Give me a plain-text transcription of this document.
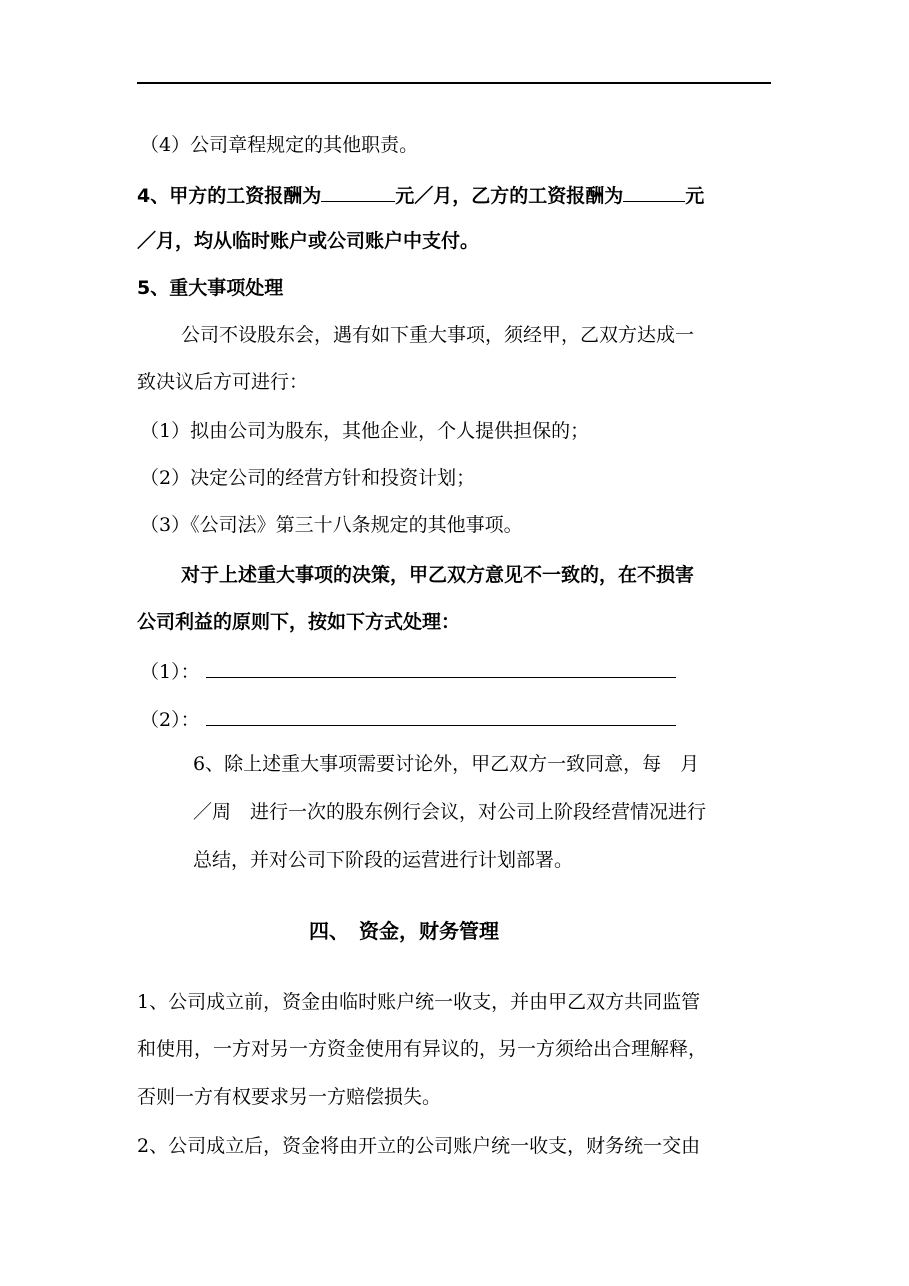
（4）公司章程规定的其他职责。
4、甲方的工资报酬为	元／月，乙方的工资报酬为	元
／月，均从临时账户或公司账户中支付。
5、重大事项处理
公司不设股东会，遇有如下重大事项，须经甲，乙双方达成一
致决议后方可进行：
（1）拟由公司为股东，其他企业，个人提供担保的；
（2）决定公司的经营方针和投资计划；
（3）《公司法》第三十八条规定的其他事项。
对于上述重大事项的决策，甲乙双方意见不一致的，在不损害
公司利益的原则下，按如下方式处理：
（1）：
（2）：
6、除上述重大事项需要讨论外，甲乙双方一致同意，每　月
／周　进行一次的股东例行会议，对公司上阶段经营情况进行
总结，并对公司下阶段的运营进行计划部署。
四、　资金，财务管理
1、公司成立前，资金由临时账户统一收支，并由甲乙双方共同监管
和使用，一方对另一方资金使用有异议的，另一方须给出合理解释，
否则一方有权要求另一方赔偿损失。
2、公司成立后，资金将由开立的公司账户统一收支，财务统一交由
